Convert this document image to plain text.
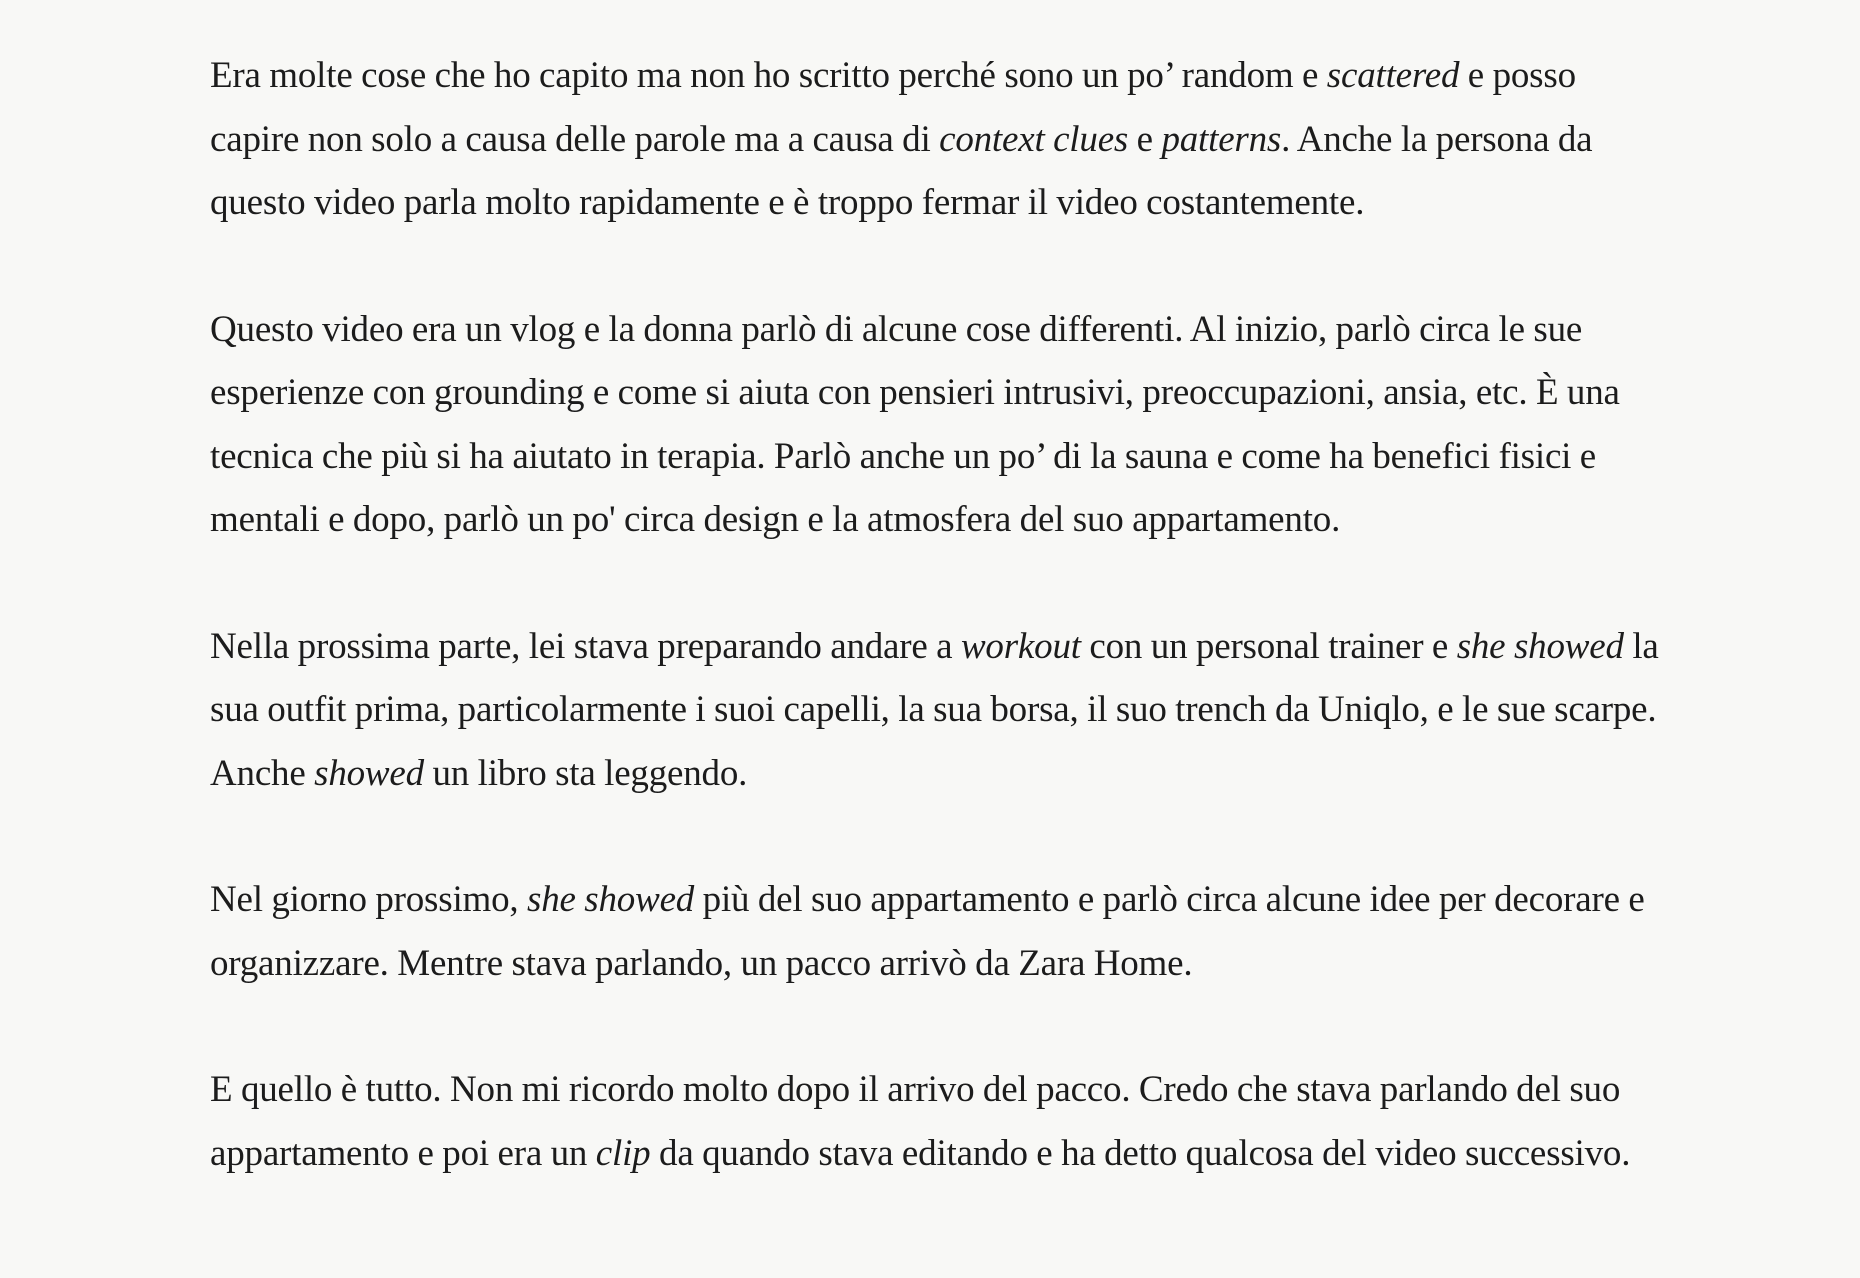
Era molte cose che ho capito ma non ho scritto perché sono un po’ random e scattered e posso capire non solo a causa delle parole ma a causa di context clues e patterns. Anche la persona da questo video parla molto rapidamente e è troppo fermar il video costantemente.

Questo video era un vlog e la donna parlò di alcune cose differenti. Al inizio, parlò circa le sue esperienze con grounding e come si aiuta con pensieri intrusivi, preoccupazioni, ansia, etc. È una tecnica che più si ha aiutato in terapia. Parlò anche un po’ di la sauna e come ha benefici fisici e mentali e dopo, parlò un po' circa design e la atmosfera del suo appartamento.

Nella prossima parte, lei stava preparando andare a workout con un personal trainer e she showed la sua outfit prima, particolarmente i suoi capelli, la sua borsa, il suo trench da Uniqlo, e le sue scarpe. Anche showed un libro sta leggendo.

Nel giorno prossimo, she showed più del suo appartamento e parlò circa alcune idee per decorare e organizzare. Mentre stava parlando, un pacco arrivò da Zara Home.

E quello è tutto. Non mi ricordo molto dopo il arrivo del pacco. Credo che stava parlando del suo appartamento e poi era un clip da quando stava editando e ha detto qualcosa del video successivo.
